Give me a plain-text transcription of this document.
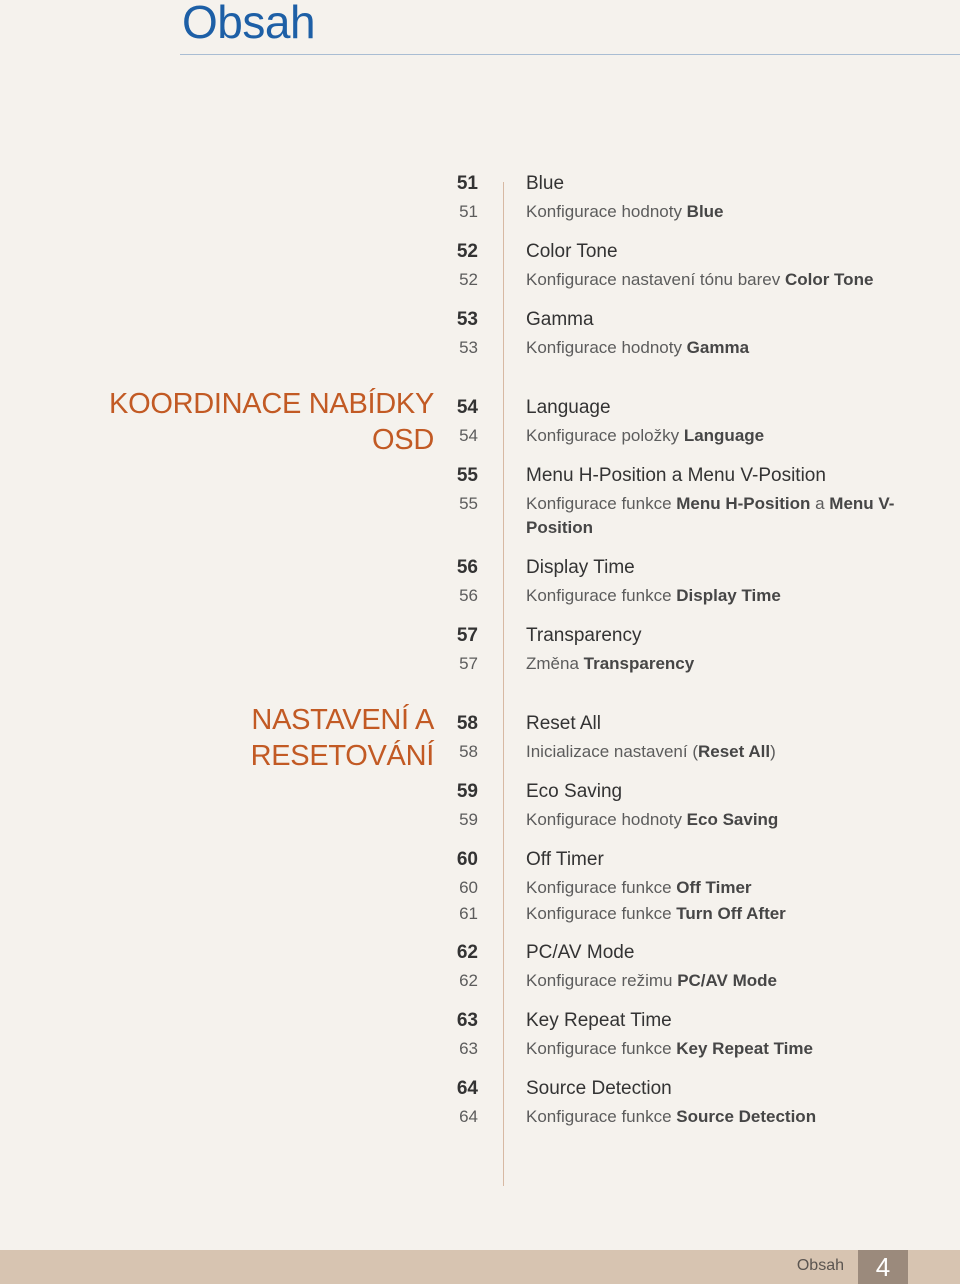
Obsah
KOORDINACE NABÍDKY
OSD
NASTAVENÍ A
RESETOVÁNÍ
51	Blue
51	Konfigurace hodnoty Blue
52	Color Tone
52	Konfigurace nastavení tónu barev Color Tone
53	Gamma
53	Konfigurace hodnoty Gamma
54	Language
54	Konfigurace položky Language
55	Menu H-Position a Menu V-Position
55	Konfigurace funkce Menu H-Position a Menu V-Position
56	Display Time
56	Konfigurace funkce Display Time
57	Transparency
57	Změna Transparency
58	Reset All
58	Inicializace nastavení (Reset All)
59	Eco Saving
59	Konfigurace hodnoty Eco Saving
60	Off Timer
60	Konfigurace funkce Off Timer
61	Konfigurace funkce Turn Off After
62	PC/AV Mode
62	Konfigurace režimu PC/AV Mode
63	Key Repeat Time
63	Konfigurace funkce Key Repeat Time
64	Source Detection
64	Konfigurace funkce Source Detection
Obsah	4
